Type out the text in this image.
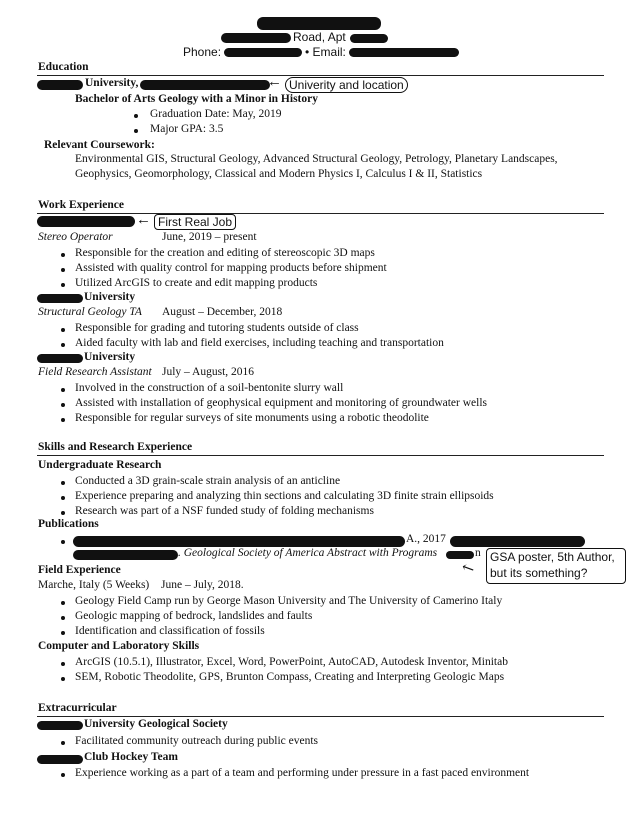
Road, Apt
Phone:	• Email:
Education
University,	← Univerity and location
Bachelor of Arts Geology with a Minor in History
Graduation Date: May, 2019
Major GPA: 3.5
Relevant Coursework:
Environmental GIS, Structural Geology, Advanced Structural Geology, Petrology, Planetary Landscapes,
Geophysics, Geomorphology, Classical and Modern Physics I, Calculus I & II, Statistics
Work Experience
← First Real Job
Stereo Operator	June, 2019 – present
Responsible for the creation and editing of stereoscopic 3D maps
Assisted with quality control for mapping products before shipment
Utilized ArcGIS to create and edit mapping products
University
Structural Geology TA August – December, 2018
Responsible for grading and tutoring students outside of class
Aided faculty with lab and field exercises, including teaching and transportation
University
Field Research Assistant July – August, 2016
Involved in the construction of a soil-bentonite slurry wall
Assisted with installation of geophysical equipment and monitoring of groundwater wells
Responsible for regular surveys of site monuments using a robotic theodolite
Skills and Research Experience
Undergraduate Research
Conducted a 3D grain-scale strain analysis of an anticline
Experience preparing and analyzing thin sections and calculating 3D finite strain ellipsoids
Research was part of a NSF funded study of folding mechanisms
Publications
A., 2017
. Geological Society of America Abstract with Programs	n GSA poster, 5th Author,
but its something?
↖
Field Experience
Marche, Italy (5 Weeks) June – July, 2018.
Geology Field Camp run by George Mason University and The University of Camerino Italy
Geologic mapping of bedrock, landslides and faults
Identification and classification of fossils
Computer and Laboratory Skills
ArcGIS (10.5.1), Illustrator, Excel, Word, PowerPoint, AutoCAD, Autodesk Inventor, Minitab
SEM, Robotic Theodolite, GPS, Brunton Compass, Creating and Interpreting Geologic Maps
Extracurricular
University Geological Society
Facilitated community outreach during public events
Club Hockey Team
Experience working as a part of a team and performing under pressure in a fast paced environment
